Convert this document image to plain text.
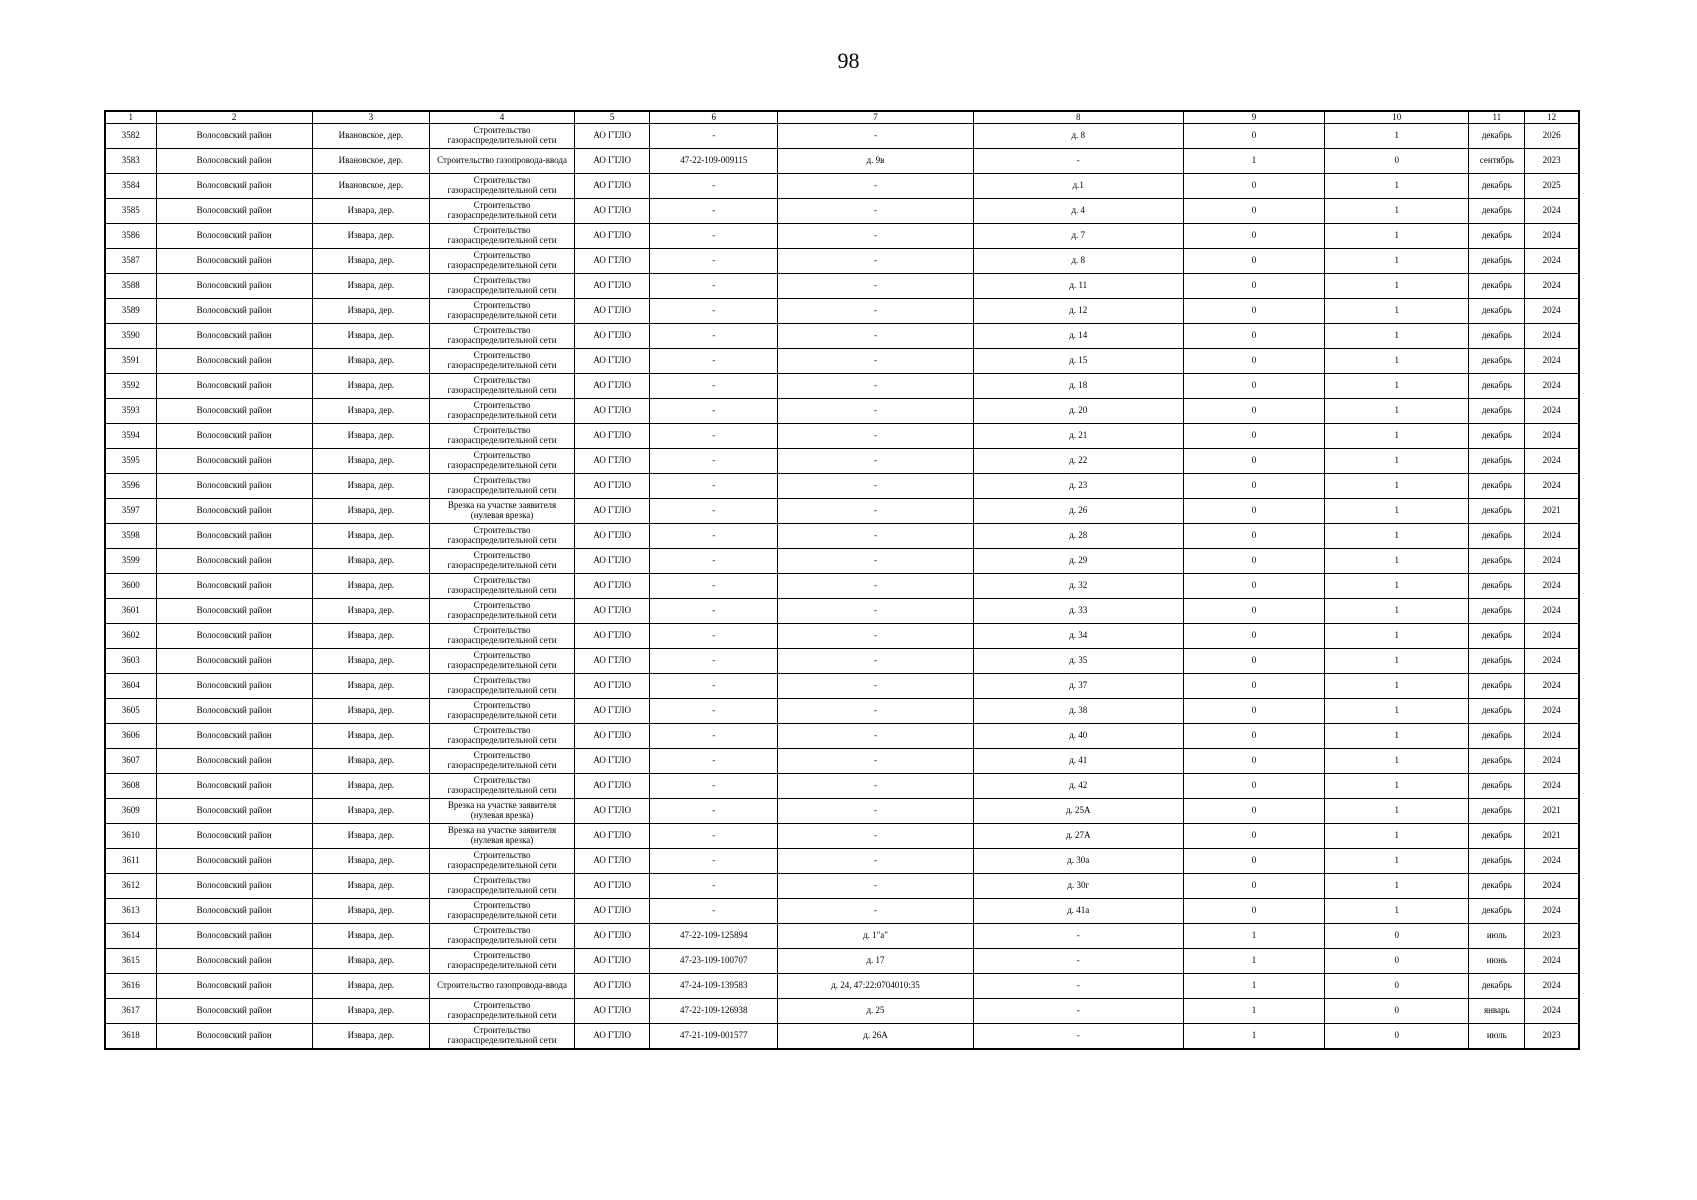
98
1	2	3	4	5	6	7	8	9	10	11	12
3582	Волосовский район	Ивановское, дер.	Строительство газораспределительной сети	АО ГТЛО	-	-	д. 8	0	1	декабрь	2026
3583	Волосовский район	Ивановское, дер.	Строительство газопровода-ввода	АО ГТЛО	47-22-109-009115	д. 9в	-	1	0	сентябрь	2023
3584	Волосовский район	Ивановское, дер.	Строительство газораспределительной сети	АО ГТЛО	-	-	д.1	0	1	декабрь	2025
3585	Волосовский район	Извара, дер.	Строительство газораспределительной сети	АО ГТЛО	-	-	д. 4	0	1	декабрь	2024
3586	Волосовский район	Извара, дер.	Строительство газораспределительной сети	АО ГТЛО	-	-	д. 7	0	1	декабрь	2024
3587	Волосовский район	Извара, дер.	Строительство газораспределительной сети	АО ГТЛО	-	-	д. 8	0	1	декабрь	2024
3588	Волосовский район	Извара, дер.	Строительство газораспределительной сети	АО ГТЛО	-	-	д. 11	0	1	декабрь	2024
3589	Волосовский район	Извара, дер.	Строительство газораспределительной сети	АО ГТЛО	-	-	д. 12	0	1	декабрь	2024
3590	Волосовский район	Извара, дер.	Строительство газораспределительной сети	АО ГТЛО	-	-	д. 14	0	1	декабрь	2024
3591	Волосовский район	Извара, дер.	Строительство газораспределительной сети	АО ГТЛО	-	-	д. 15	0	1	декабрь	2024
3592	Волосовский район	Извара, дер.	Строительство газораспределительной сети	АО ГТЛО	-	-	д. 18	0	1	декабрь	2024
3593	Волосовский район	Извара, дер.	Строительство газораспределительной сети	АО ГТЛО	-	-	д. 20	0	1	декабрь	2024
3594	Волосовский район	Извара, дер.	Строительство газораспределительной сети	АО ГТЛО	-	-	д. 21	0	1	декабрь	2024
3595	Волосовский район	Извара, дер.	Строительство газораспределительной сети	АО ГТЛО	-	-	д. 22	0	1	декабрь	2024
3596	Волосовский район	Извара, дер.	Строительство газораспределительной сети	АО ГТЛО	-	-	д. 23	0	1	декабрь	2024
3597	Волосовский район	Извара, дер.	Врезка на участке заявителя (нулевая врезка)	АО ГТЛО	-	-	д. 26	0	1	декабрь	2021
3598	Волосовский район	Извара, дер.	Строительство газораспределительной сети	АО ГТЛО	-	-	д. 28	0	1	декабрь	2024
3599	Волосовский район	Извара, дер.	Строительство газораспределительной сети	АО ГТЛО	-	-	д. 29	0	1	декабрь	2024
3600	Волосовский район	Извара, дер.	Строительство газораспределительной сети	АО ГТЛО	-	-	д. 32	0	1	декабрь	2024
3601	Волосовский район	Извара, дер.	Строительство газораспределительной сети	АО ГТЛО	-	-	д. 33	0	1	декабрь	2024
3602	Волосовский район	Извара, дер.	Строительство газораспределительной сети	АО ГТЛО	-	-	д. 34	0	1	декабрь	2024
3603	Волосовский район	Извара, дер.	Строительство газораспределительной сети	АО ГТЛО	-	-	д. 35	0	1	декабрь	2024
3604	Волосовский район	Извара, дер.	Строительство газораспределительной сети	АО ГТЛО	-	-	д. 37	0	1	декабрь	2024
3605	Волосовский район	Извара, дер.	Строительство газораспределительной сети	АО ГТЛО	-	-	д. 38	0	1	декабрь	2024
3606	Волосовский район	Извара, дер.	Строительство газораспределительной сети	АО ГТЛО	-	-	д. 40	0	1	декабрь	2024
3607	Волосовский район	Извара, дер.	Строительство газораспределительной сети	АО ГТЛО	-	-	д. 41	0	1	декабрь	2024
3608	Волосовский район	Извара, дер.	Строительство газораспределительной сети	АО ГТЛО	-	-	д. 42	0	1	декабрь	2024
3609	Волосовский район	Извара, дер.	Врезка на участке заявителя (нулевая врезка)	АО ГТЛО	-	-	д. 25А	0	1	декабрь	2021
3610	Волосовский район	Извара, дер.	Врезка на участке заявителя (нулевая врезка)	АО ГТЛО	-	-	д. 27А	0	1	декабрь	2021
3611	Волосовский район	Извара, дер.	Строительство газораспределительной сети	АО ГТЛО	-	-	д. 30а	0	1	декабрь	2024
3612	Волосовский район	Извара, дер.	Строительство газораспределительной сети	АО ГТЛО	-	-	д. 30г	0	1	декабрь	2024
3613	Волосовский район	Извара, дер.	Строительство газораспределительной сети	АО ГТЛО	-	-	д. 41а	0	1	декабрь	2024
3614	Волосовский район	Извара, дер.	Строительство газораспределительной сети	АО ГТЛО	47-22-109-125894	д. 1"а"	-	1	0	июль	2023
3615	Волосовский район	Извара, дер.	Строительство газораспределительной сети	АО ГТЛО	47-23-109-100707	д. 17	-	1	0	июнь	2024
3616	Волосовский район	Извара, дер.	Строительство газопровода-ввода	АО ГТЛО	47-24-109-139583	д. 24, 47:22:0704010:35	-	1	0	декабрь	2024
3617	Волосовский район	Извара, дер.	Строительство газораспределительной сети	АО ГТЛО	47-22-109-126938	д. 25	-	1	0	январь	2024
3618	Волосовский район	Извара, дер.	Строительство газораспределительной сети	АО ГТЛО	47-21-109-001577	д. 26А	-	1	0	июль	2023
